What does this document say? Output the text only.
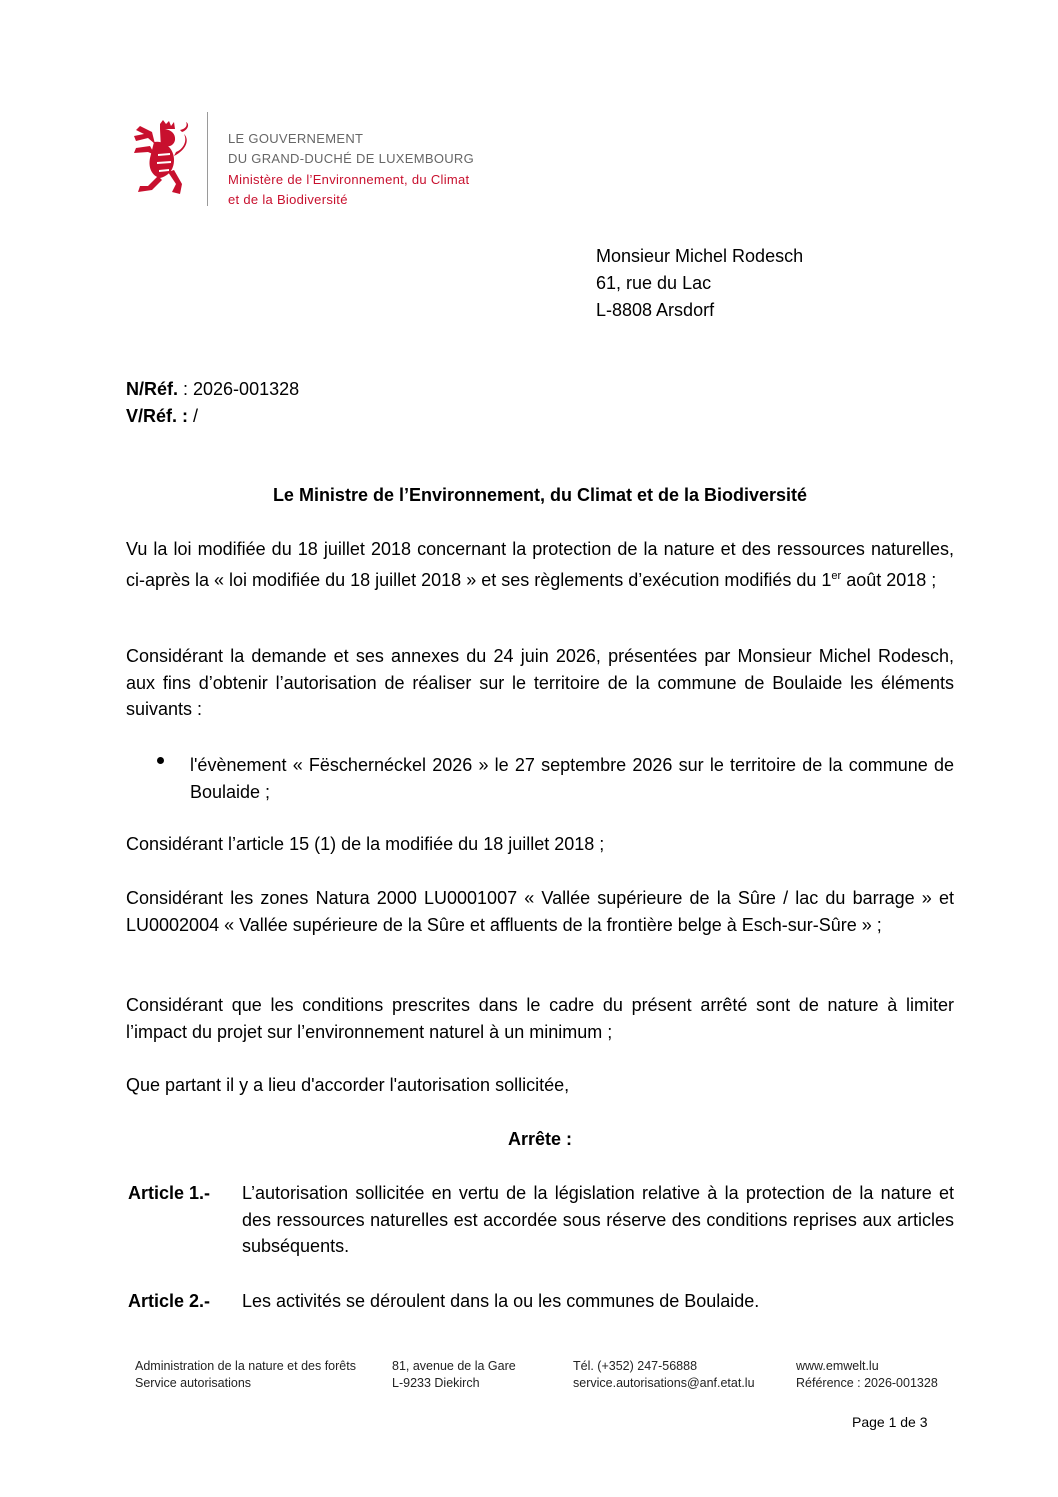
LE GOUVERNEMENT
DU GRAND-DUCHÉ DE LUXEMBOURG
Ministère de l’Environnement, du Climat
et de la Biodiversité
Monsieur Michel Rodesch
61, rue du Lac
L-8808 Arsdorf
N/Réf. : 2026-001328
V/Réf. : /
Le Ministre de l’Environnement, du Climat et de la Biodiversité
Vu la loi modifiée du 18 juillet 2018 concernant la protection de la nature et des ressources naturelles, ci-après la « loi modifiée du 18 juillet 2018 » et ses règlements d’exécution modifiés du 1er août 2018 ;
Considérant la demande et ses annexes du 24 juin 2026, présentées par Monsieur Michel Rodesch, aux fins d’obtenir l’autorisation de réaliser sur le territoire de la commune de Boulaide les éléments suivants :
l'évènement « Fëschernéckel 2026 » le 27 septembre 2026 sur le territoire de la commune de Boulaide ;
Considérant l’article 15 (1) de la modifiée du 18 juillet 2018 ;
Considérant les zones Natura 2000 LU0001007 « Vallée supérieure de la Sûre / lac du barrage » et LU0002004 « Vallée supérieure de la Sûre et affluents de la frontière belge à Esch-sur-Sûre » ;
Considérant que les conditions prescrites dans le cadre du présent arrêté sont de nature à limiter l’impact du projet sur l’environnement naturel à un minimum ;
Que partant il y a lieu d'accorder l'autorisation sollicitée,
Arrête :
Article 1.- L’autorisation sollicitée en vertu de la législation relative à la protection de la nature et des ressources naturelles est accordée sous réserve des conditions reprises aux articles subséquents.
Article 2.- Les activités se déroulent dans la ou les communes de Boulaide.
Administration de la nature et des forêts
Service autorisations
81, avenue de la Gare
L-9233 Diekirch
Tél. (+352) 247-56888
service.autorisations@anf.etat.lu
www.emwelt.lu
Référence : 2026-001328
Page 1 de 3
